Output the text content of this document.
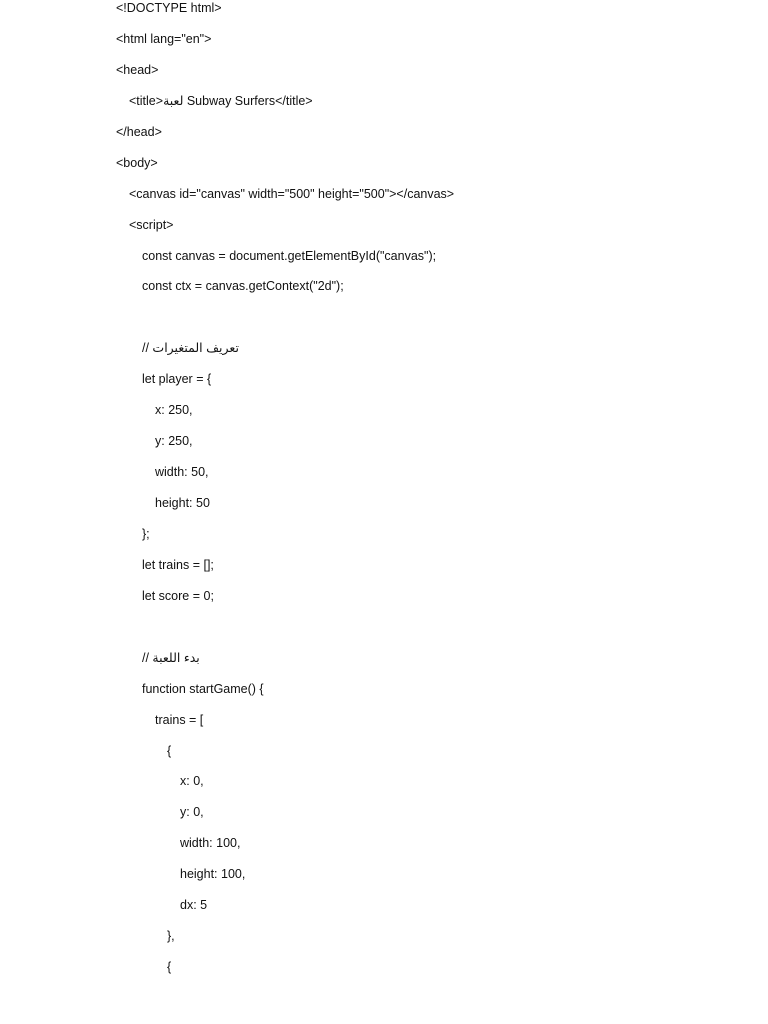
<!DOCTYPE html>
<html lang="en">
<head>
<title>لعبة Subway Surfers</title>
</head>
<body>
<canvas id="canvas" width="500" height="500"></canvas>
<script>
const canvas = document.getElementById("canvas");
const ctx = canvas.getContext("2d");
// تعريف المتغيرات
let player = {
x: 250,
y: 250,
width: 50,
height: 50
};
let trains = [];
let score = 0;
// بدء اللعبة
function startGame() {
trains = [
{
x: 0,
y: 0,
width: 100,
height: 100,
dx: 5
},
{
